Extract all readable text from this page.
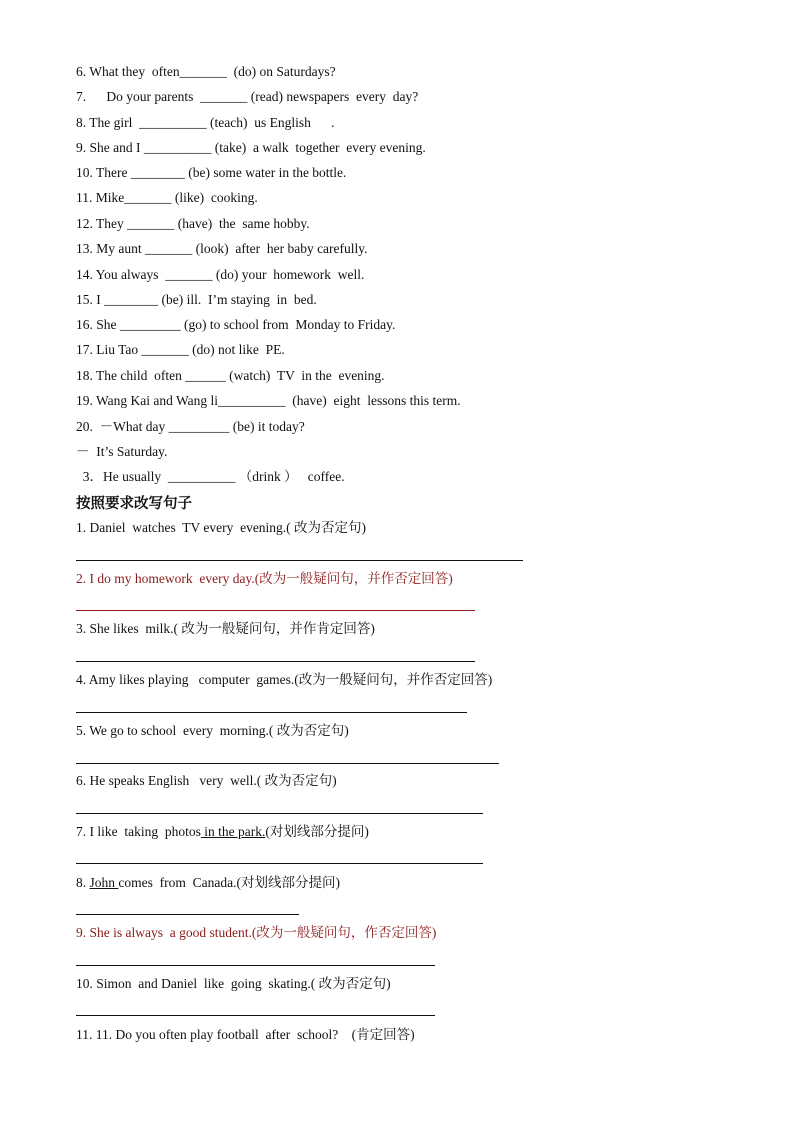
6. What they  often_______  (do) on Saturdays?
7.      Do your parents  _______ (read) newspapers  every  day?
8. The girl  __________ (teach)  us English      .
9. She and I __________ (take)  a walk  together  every evening.
10. There ________ (be) some water in the bottle.
11. Mike_______ (like)  cooking.
12. They _______ (have)  the  same hobby.
13. My aunt _______ (look)  after  her baby carefully.
14. You always  _______ (do) your  homework  well.
15. I ________ (be) ill.  I’m staying  in  bed.
16. She _________ (go) to school from  Monday to Friday.
17. Liu Tao _______ (do) not like  PE.
18. The child  often ______ (watch)  TV  in the  evening.
19. Wang Kai and Wang li__________  (have)  eight  lessons this term.
20.  －What day _________ (be) it today?
－  It’s Saturday.
3．He usually  __________ （drink ）   coffee.
按照要求改写句子
1. Daniel  watches  TV every  evening.( 改为否定句)
2. I do my homework  every day.(改为一般疑问句，并作否定回答)
3. She likes  milk.( 改为一般疑问句，并作肯定回答)
4. Amy likes playing   computer  games.(改为一般疑问句，并作否定回答)
5. We go to school  every  morning.( 改为否定句)
6. He speaks English   very  well.( 改为否定句)
7. I like  taking  photos in the park.(对划线部分提问)
8. John comes  from  Canada.(对划线部分提问)
9. She is always  a good student.(改为一般疑问句，作否定回答)
10. Simon  and Daniel  like  going  skating.( 改为否定句)
11. 11. Do you often play football  after  school?    (肯定回答)
